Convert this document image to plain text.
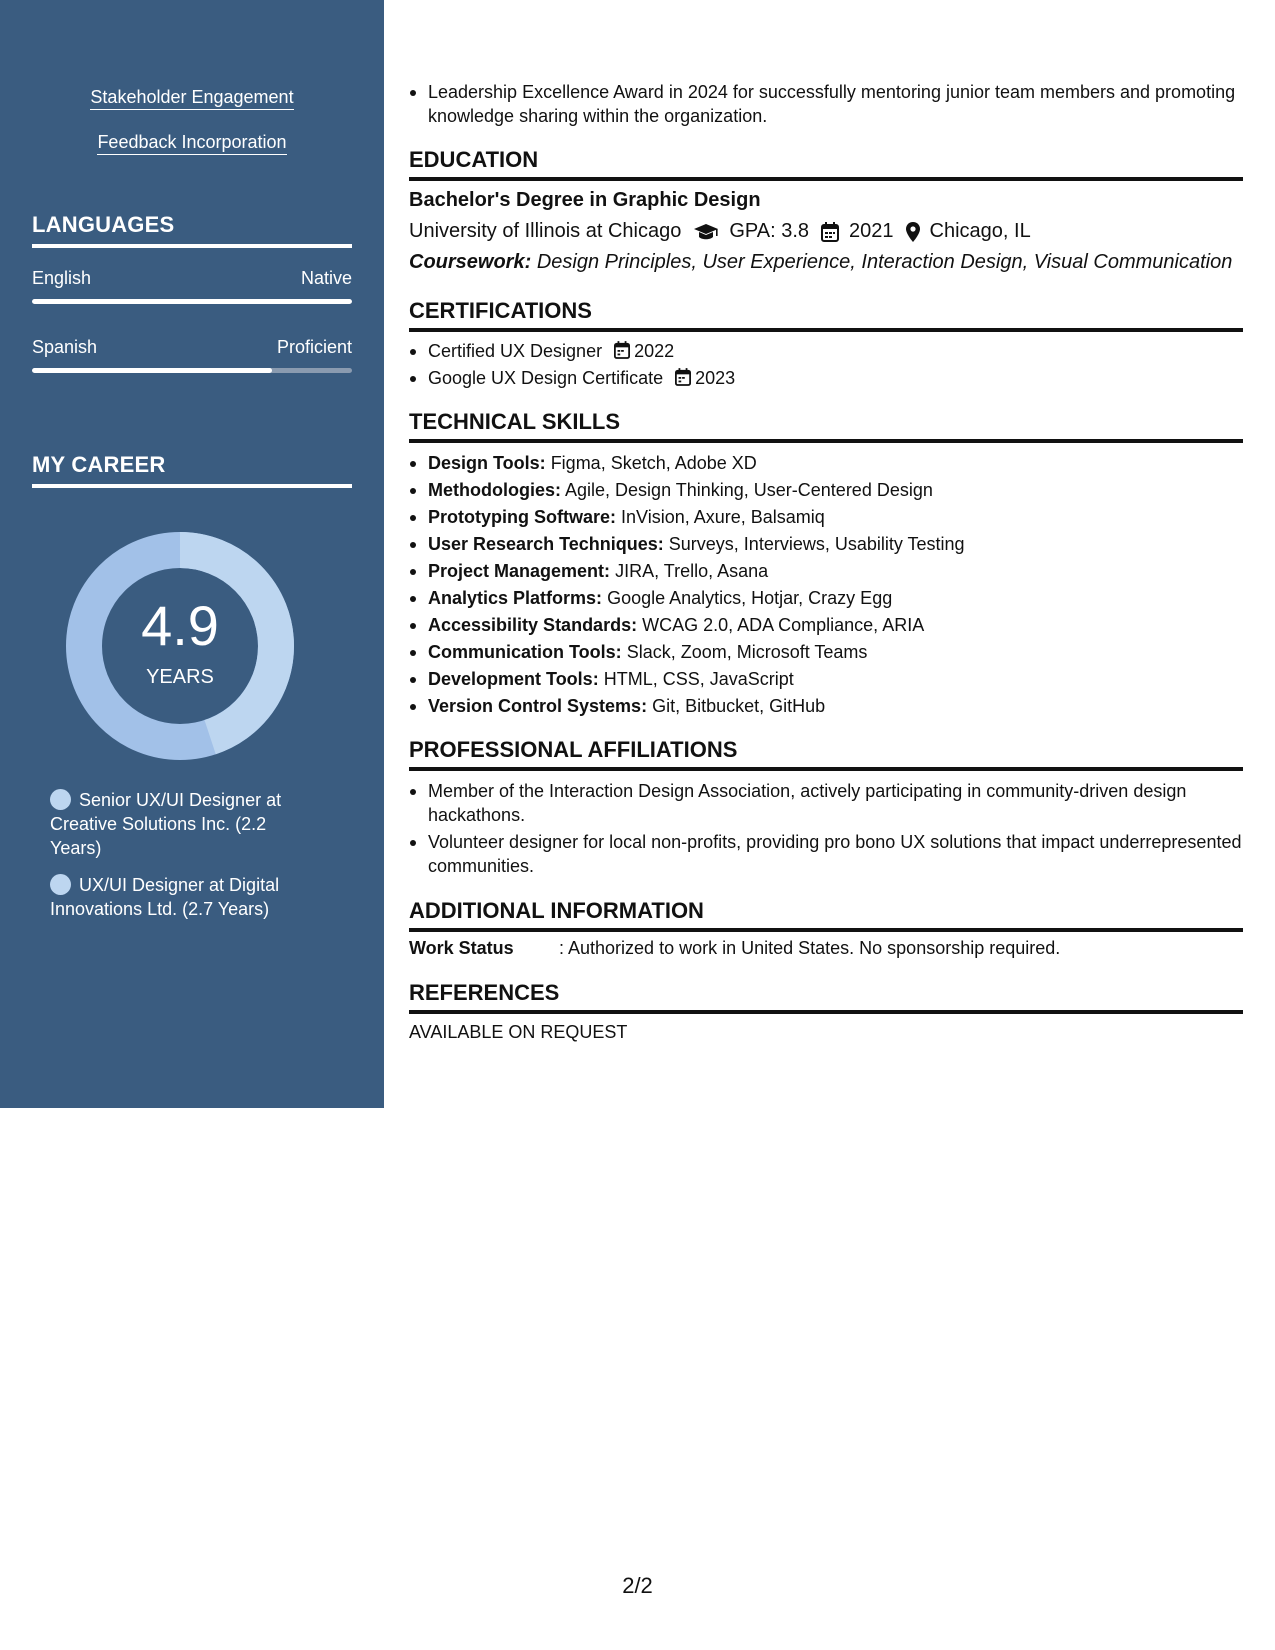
Stakeholder Engagement
Feedback Incorporation
LANGUAGES
English	Native
Spanish	Proficient
MY CAREER
4.9
YEARS
Senior UX/UI Designer at Creative Solutions Inc. (2.2 Years)
UX/UI Designer at Digital Innovations Ltd. (2.7 Years)
Leadership Excellence Award in 2024 for successfully mentoring junior team members and promoting knowledge sharing within the organization.
EDUCATION
Bachelor's Degree in Graphic Design
University of Illinois at Chicago GPA: 3.8 2021 Chicago, IL
Coursework: Design Principles, User Experience, Interaction Design, Visual Communication
CERTIFICATIONS
Certified UX Designer 2022
Google UX Design Certificate 2023
TECHNICAL SKILLS
Design Tools: Figma, Sketch, Adobe XD
Methodologies: Agile, Design Thinking, User-Centered Design
Prototyping Software: InVision, Axure, Balsamiq
User Research Techniques: Surveys, Interviews, Usability Testing
Project Management: JIRA, Trello, Asana
Analytics Platforms: Google Analytics, Hotjar, Crazy Egg
Accessibility Standards: WCAG 2.0, ADA Compliance, ARIA
Communication Tools: Slack, Zoom, Microsoft Teams
Development Tools: HTML, CSS, JavaScript
Version Control Systems: Git, Bitbucket, GitHub
PROFESSIONAL AFFILIATIONS
Member of the Interaction Design Association, actively participating in community-driven design hackathons.
Volunteer designer for local non-profits, providing pro bono UX solutions that impact underrepresented communities.
ADDITIONAL INFORMATION
Work Status	: Authorized to work in United States. No sponsorship required.
REFERENCES
AVAILABLE ON REQUEST
2/2
